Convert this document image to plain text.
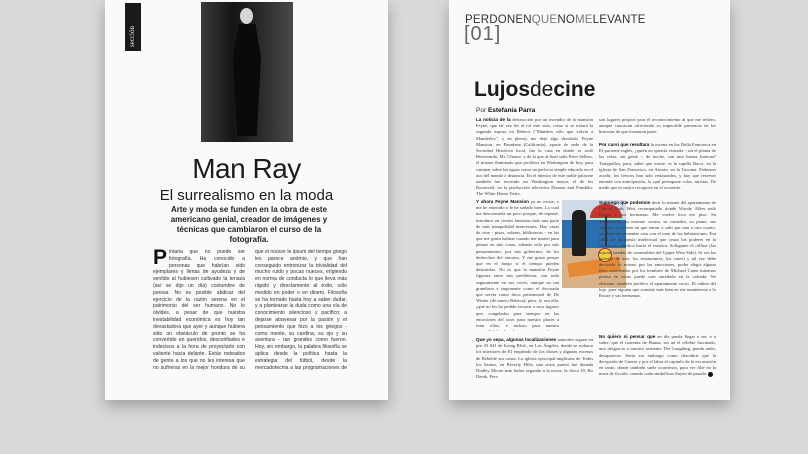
sección
Man Ray
El surrealismo en la moda
Arte y moda se funden en la obra de este americano genial, creador de imágenes y técnicas que cambiaron el curso de la fotografía.
Pintaria que no puede ser fotografía. Ha conocido a personas que habrían sido ejemplares y llenas de ayudeza y de sentido al hubiesen cultivado la tenaza (así se dijo un día) costumbre de pensar. No es posible abdicar del ejercicio de la razón serena en el patrimonio del ser humano. No lo olvides, a pesar de que nuestra inestabilidad económica es hoy tan devastadora que ayer y aunque hubiera sido un obstáculo de pronto se ha convertido en queridos, desconfiados e indecisos a la hora de proyectarlo con valiente hacia delante. Estás rodeados de gente a los que no les interesa que no sufrieras en la mejor hondura de su
que el noúcer le ipsum del tiempo griego les parece anómio, y que han conseguido entronizar la trivialidad del mucho ruido y pocas nueces, erigiendo en norma de conducta lo que lleva más rápido y directamente al éxito, sólo medido en poder o en dinero. Filosofía se ha tornado hasta hoy a saber dudar, y a plantearse la duda como una vía de conocimiento silencioso y pacífico; a dejarse atravesar por la pasión y el pensamiento que hizo a los griegos - como mente, su cardina, su ojo y su aventura - tan grandes como fueron. Hoy, sin embargo, la palabra filosofía se aplica desde la política hasta la estrategia del fútbol, desde la mercadotecnia a las programaciones de
PERDONENQUENOMELEVANTE
[01]
Lujosdecine
Por Estefanía Parra
La noticia de la destrucción por un incendio de la mansión Feyne, que tal vez les el rol este solo, como si se tratara la segunda esposa en Rebeca ("Manders sólo que volvía a Manderley", y en pleno), me dejó algo desolada. Feyne Mansion, en Pasadena (California), aparte de sede de la Sociedad Histórica local, fue la casa en donde se rodó Bienvenido, Mr. Chance, y de la que al final salía Peter Sellers, el mismo iluminado que prolifera en Washington de hoy, para caminar sobre las aguas como un perfecto simple educado en el uso del mando a distancia. En el interior de este noble palacete también fue recreado un Washington mayor, el de los Roosevelt, en la producción televisiva Eleanor and Franklin: The White House Years.
Y ahora Feyne Mansion ya no existe, o me he enterado o le he soñado bien. Lo cual me desconsuela un poco porque, de repente, introduce en ciertas fantasías más una parte de más tranquilidad innecesaria. Hay casas de cine - pisos, solares, bibliotecas - en las que me gusta habitar cuando me muero para pensar en mis cosas, además sólo por mis pensamientos, por mis gobiernos, de los deshechos del entorno. Y me gusta pensar que en el fuego si el tiempo pueden destruirlas. No es que la mansión Feyne figurara entre mis predilectas, con todo seguramente en sus voces, aunque no tan grandiosa e imponente como el decorado que servía como finca patrimonial de De Winter (de nuevo Rebeca); pero, lo sea ella, ¿qué no les ha pedido recurrir a esos lugares que, congelados para siempre en las emociones del cine, para nuestro placer a estar ellos, e incluso para nuestra
Que yo sepa, algunas localizaciones naturales siguen en pie: El 641 de Irving Blvd., en Los Ángeles, donde se rodaron los interiores de El empleado de los dioses y algunas escenas de Rebelde sin causa. La iglesia episcopal-anglicana de Todos los Santos, en Beverly Hills, una sexta puerta fue donada Dudley Moore más huber segundo a la novia, la chica 10, Bo Derek. Pero
son lugares propios para el reconocimiento al que me refiero, aunque conozcan ofreciendo su impecable presencia en las historias de que formaron parte.
Por cursi que resultara la escena en los Della Francesca en El paciente inglés, ¿quién no querría visitarla - sin el planta de las velas, sin gente -, de noche, con una buena linterna? Tranquillos, para, saber que existe: es la capilla Bacci, en la iglesia de San Francesco, en Arezzo, en la Toscana. Podemos acudir, los frescos han sido restaurados, y hay que reservar entrada con anticipación, la cual presupone colas, turistas. De modo que es mejor recogerse en el recuerdo.
Supongo que podemos decir lo mismo del apartamento de Central Park West recomputado donde Woody Allen rodó Hanna y sus hermanas. Me vuelve loca ese piso. Su distribución, su enorme cocina, su comedor, su piano, sus salones. Lo tienen en que entrar y salir por uno a otro cuarto, sin dejar de comentar cara con el tono de las habitaciones. Esa señal de burguesía intelectual que cruza los poderes en la ficción se ramifica hacia el exterior. Soltigante el offline (las lujosas tiendas de comestibles del Upper West Side). Si ves las galerías de arte, los restaurantes, los cines) y tal vez debe decírselo lo mismo por las emociones, poder elegir alguno libro autorizadas por los hombres de Michael Caine mientras piensa en cómo puede caer enredado en la calzada. No obstante, también prefiero el apartamento vacío. El online del lujo, para alguien que consiste más bien en ese mantenerse a lo Rouse y sus hermanas.
No quiero ni pensar que en día pueda llegar a ser, o a saber, qué el cuarenta de Hanna, sin un el célebre fascinado, una desgracia a nuestro asistente The Laughing, pueda arder, desaparecer. Sería sin embargo como descubrir que la decepción de Guerre y por el labra el capitulo de la excavación en tanto, donde también suele ocurrimos, para ver filie en la mera de ficción, cuando cuán simbólicas fluyen de pasado.
